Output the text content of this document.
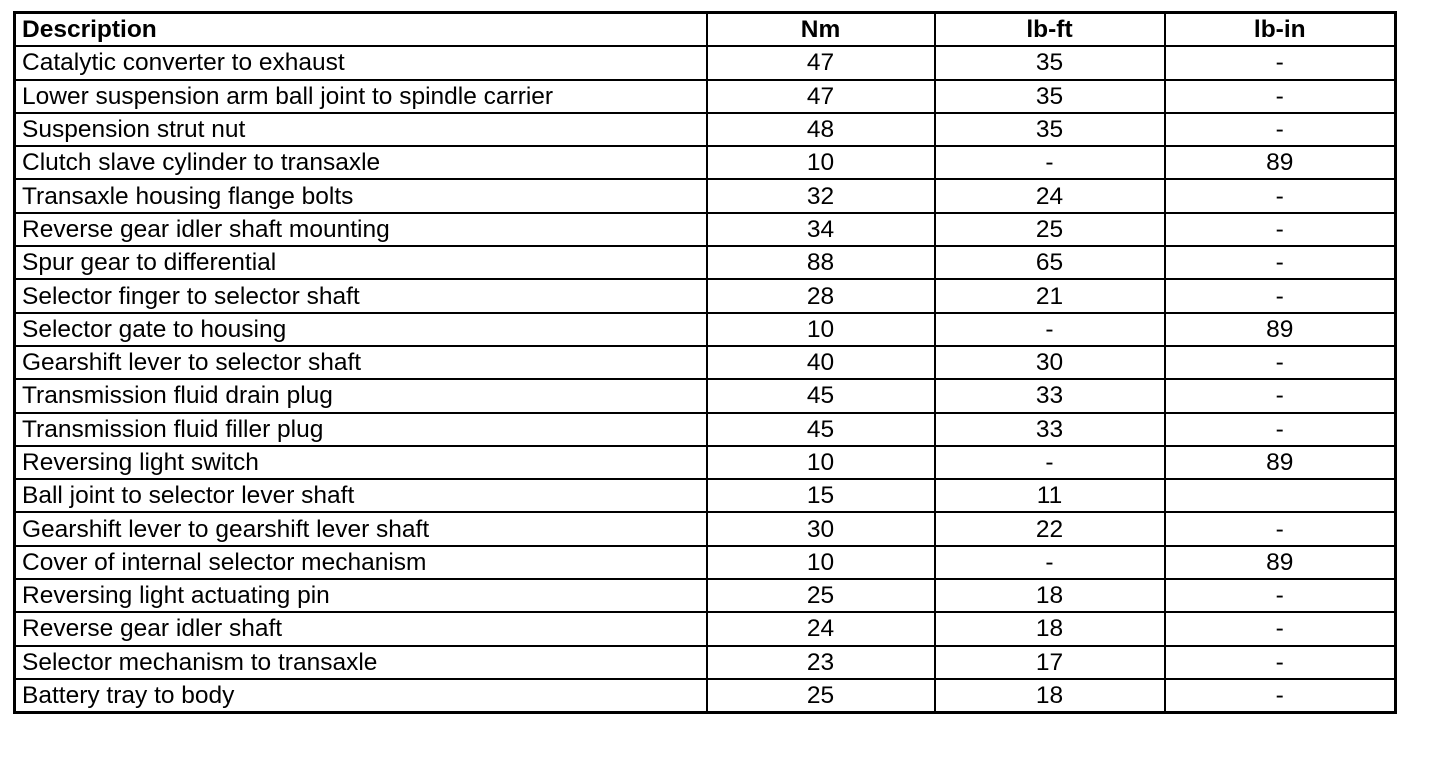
Description	Nm	lb-ft	lb-in
Catalytic converter to exhaust	47	35	-
Lower suspension arm ball joint to spindle carrier	47	35	-
Suspension strut nut	48	35	-
Clutch slave cylinder to transaxle	10	-	89
Transaxle housing flange bolts	32	24	-
Reverse gear idler shaft mounting	34	25	-
Spur gear to differential	88	65	-
Selector finger to selector shaft	28	21	-
Selector gate to housing	10	-	89
Gearshift lever to selector shaft	40	30	-
Transmission fluid drain plug	45	33	-
Transmission fluid filler plug	45	33	-
Reversing light switch	10	-	89
Ball joint to selector lever shaft	15	11	
Gearshift lever to gearshift lever shaft	30	22	-
Cover of internal selector mechanism	10	-	89
Reversing light actuating pin	25	18	-
Reverse gear idler shaft	24	18	-
Selector mechanism to transaxle	23	17	-
Battery tray to body	25	18	-
